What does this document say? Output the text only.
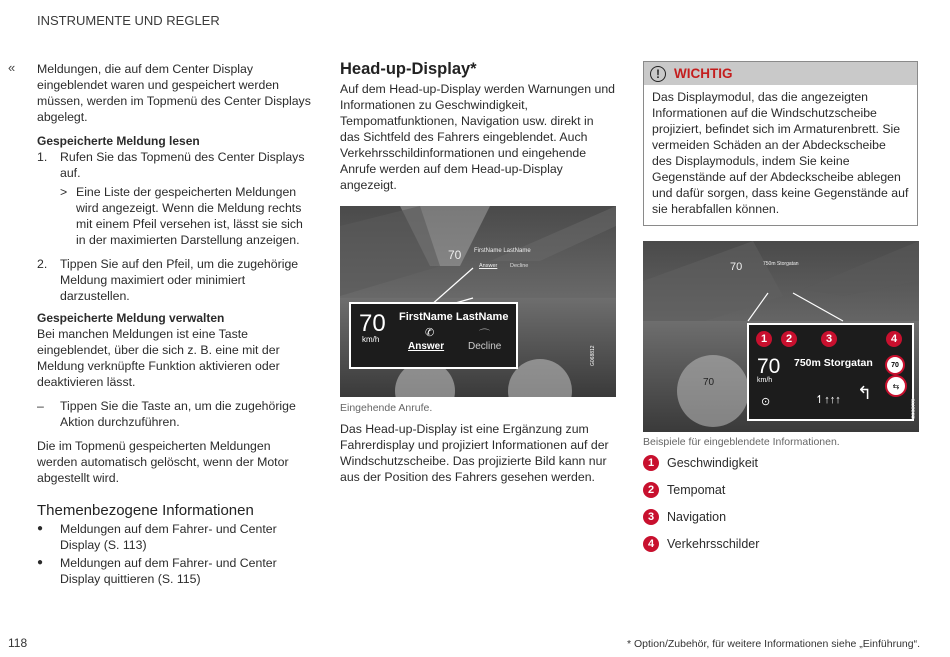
INSTRUMENTE UND REGLER
« Meldungen, die auf dem Center Display eingeblendet waren und gespeichert werden müssen, werden im Topmenü des Center Displays abgelegt.

Gespeicherte Meldung lesen
1.	Rufen Sie das Topmenü des Center Displays auf.
> Eine Liste der gespeicherten Meldungen wird angezeigt. Wenn die Meldung rechts mit einem Pfeil versehen ist, lässt sie sich in der maximierten Darstellung anzeigen.
2.	Tippen Sie auf den Pfeil, um die zugehörige Meldung maximiert oder minimiert darzustellen.
Gespeicherte Meldung verwalten

Bei manchen Meldungen ist eine Taste eingeblendet, über die sich z. B. eine mit der Meldung verknüpfte Funktion aktivieren oder deaktivieren lässt.

–	Tippen Sie die Taste an, um die zugehörige Aktion durchzuführen.

Die im Topmenü gespeicherten Meldungen werden automatisch gelöscht, wenn der Motor abgestellt wird.

Themenbezogene Informationen
●	Meldungen auf dem Fahrer- und Center Display (S. 113)
●	Meldungen auf dem Fahrer- und Center Display quittieren (S. 115)
Head-up-Display*

Auf dem Head-up-Display werden Warnungen und Informationen zu Geschwindigkeit, Tempomatfunktionen, Navigation usw. direkt in das Sichtfeld des Fahrers eingeblendet. Auch Verkehrsschildinformationen und eingehende Anrufe werden auf dem Head-up-Display angezeigt.

70 FirstName LastName
Answer Decline
70
km/h
FirstName LastName
✆	⌒
Answer Decline	G068812
Eingehende Anrufe.
Das Head-up-Display ist eine Ergänzung zum Fahrerdisplay und projiziert Informationen auf der Windschutzscheibe. Das projizierte Bild kann nur aus der Position des Fahrers gesehen werden.
!	WICHTIG
Das Displaymodul, das die angezeigten Informationen auf die Windschutzscheibe projiziert, befindet sich im Armaturenbrett. Sie vermeiden Schäden an der Abdeckscheibe des Displaymoduls, indem Sie keine Gegenstände auf der Abdeckscheibe ablegen und dafür sorgen, dass keine Gegenstände auf sie herabfallen können.
70	750m Storgatan
70
70
km/h
⊙
750m Storgatan
↿↑↑↑ ↰
70
⇆
1	2	3	4
G068770
Beispiele für eingeblendete Informationen.
1	Geschwindigkeit
2	Tempomat
3	Navigation
4	Verkehrsschilder
118	* Option/Zubehör, für weitere Informationen siehe „Einführung“.
